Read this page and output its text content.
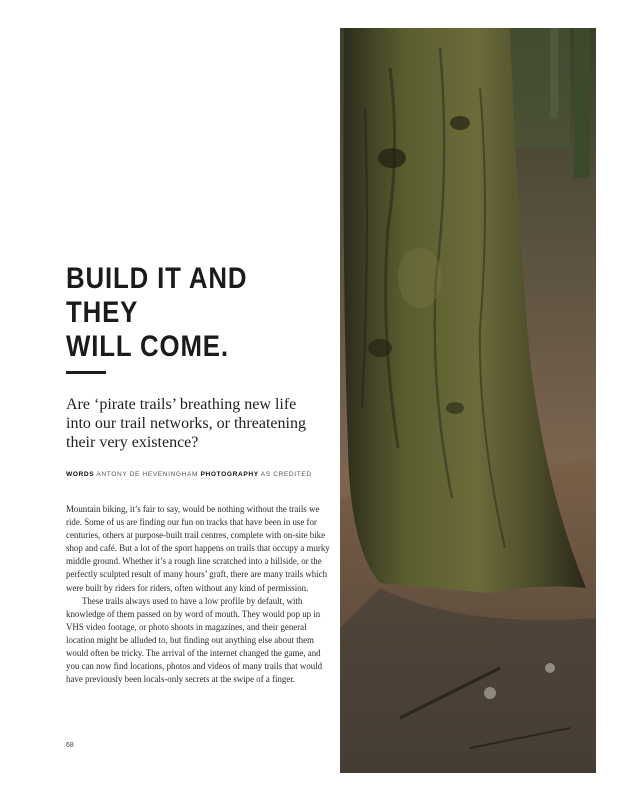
BUILD IT AND THEY
WILL COME.

Are ‘pirate trails’ breathing new life into our trail networks, or threatening their very existence?

WORDS ANTONY DE HEVENINGHAM PHOTOGRAPHY AS CREDITED

Mountain biking, it’s fair to say, would be nothing without the trails we ride. Some of us are finding our fun on tracks that have been in use for centuries, others at purpose-built trail centres, complete with on-site bike shop and café. But a lot of the sport happens on trails that occupy a murky middle ground. Whether it’s a rough line scratched into a hillside, or the perfectly sculpted result of many hours’ graft, there are many trails which were built by riders for riders, often without any kind of permission.

These trails always used to have a low profile by default, with knowledge of them passed on by word of mouth. They would pop up in VHS video footage, or photo shoots in magazines, and their general location might be alluded to, but finding out anything else about them would often be tricky. The arrival of the internet changed the game, and you can now find locations, photos and videos of many trails that would have previously been locals-only secrets at the swipe of a finger.

68
